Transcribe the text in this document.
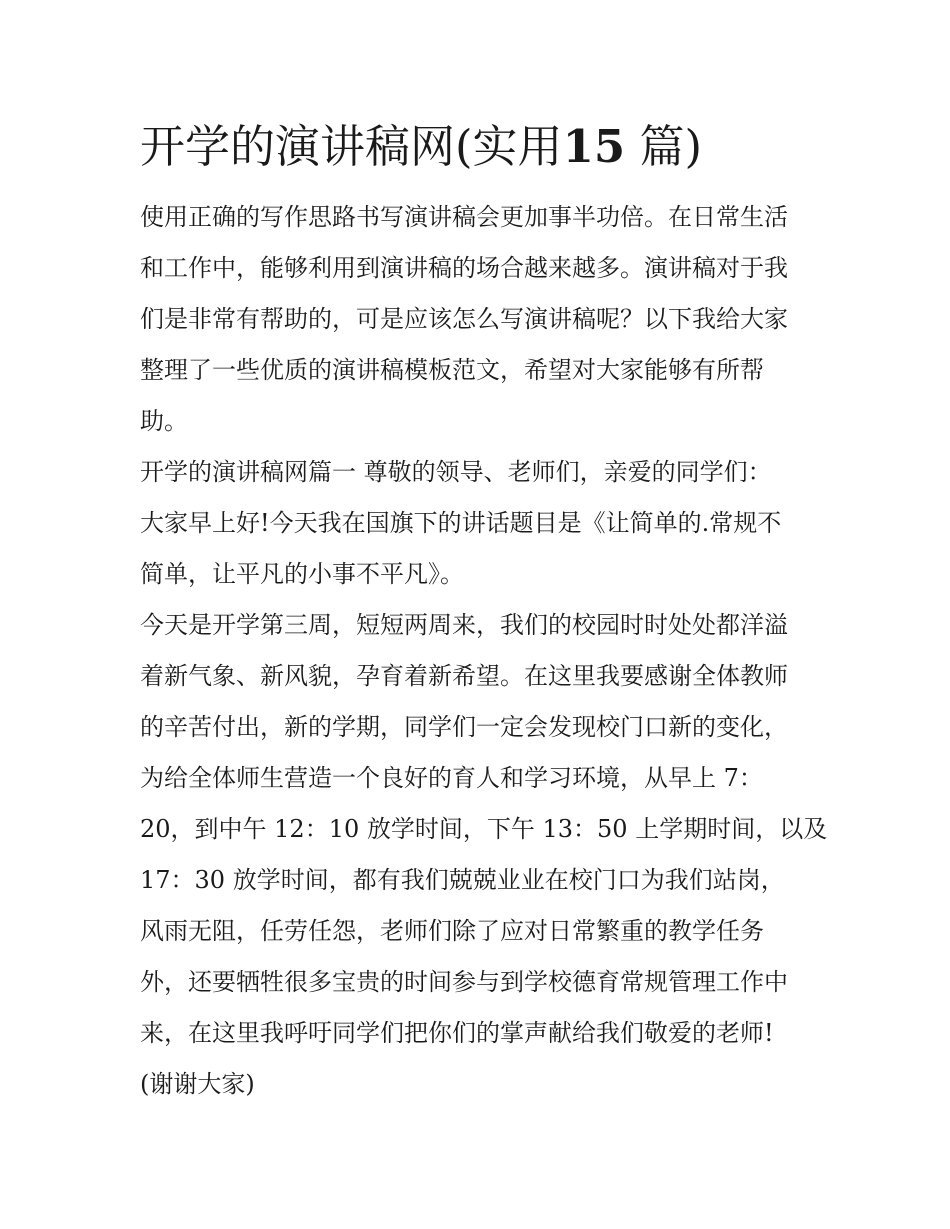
开学的演讲稿网(实用15 篇)
使用正确的写作思路书写演讲稿会更加事半功倍。在日常生活
和工作中，能够利用到演讲稿的场合越来越多。演讲稿对于我
们是非常有帮助的，可是应该怎么写演讲稿呢？以下我给大家
整理了一些优质的演讲稿模板范文，希望对大家能够有所帮
助。
开学的演讲稿网篇一 尊敬的领导、老师们，亲爱的同学们：
大家早上好!今天我在国旗下的讲话题目是《让简单的.常规不
简单，让平凡的小事不平凡》。
今天是开学第三周，短短两周来，我们的校园时时处处都洋溢
着新气象、新风貌，孕育着新希望。在这里我要感谢全体教师
的辛苦付出，新的学期，同学们一定会发现校门口新的变化，
为给全体师生营造一个良好的育人和学习环境，从早上 7：
20，到中午 12：10 放学时间，下午 13：50 上学期时间，以及
17：30 放学时间，都有我们兢兢业业在校门口为我们站岗，
风雨无阻，任劳任怨，老师们除了应对日常繁重的教学任务
外，还要牺牲很多宝贵的时间参与到学校德育常规管理工作中
来，在这里我呼吁同学们把你们的掌声献给我们敬爱的老师!
(谢谢大家)
